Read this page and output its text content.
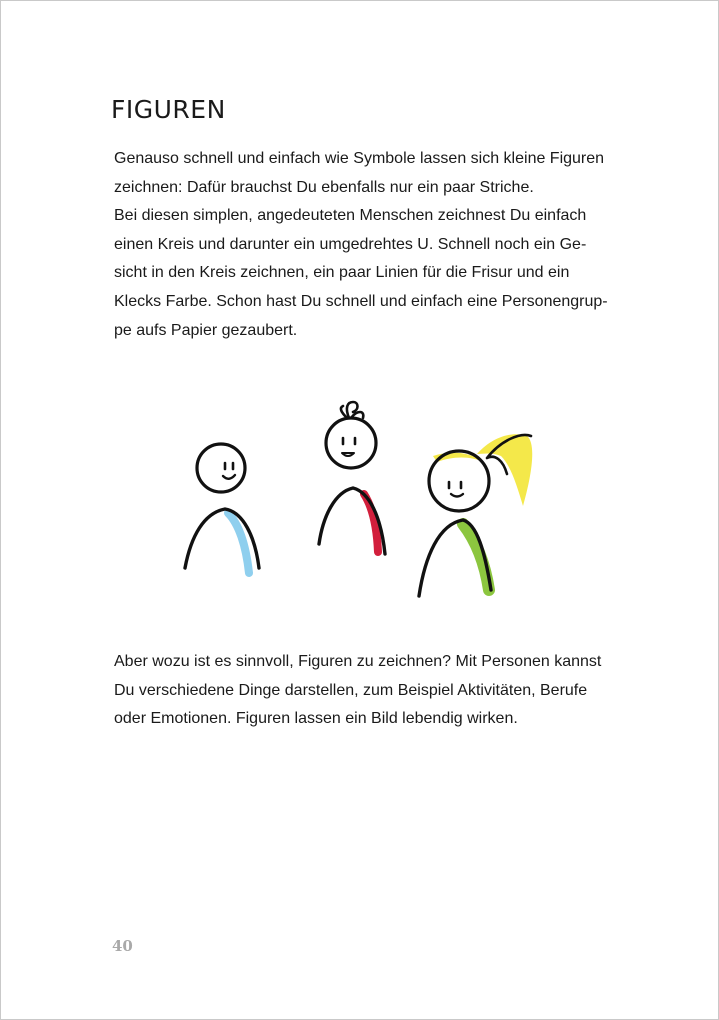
FIGUREN

Genauso schnell und einfach wie Symbole lassen sich kleine Figuren
zeichnen: Dafür brauchst Du ebenfalls nur ein paar Striche.
Bei diesen simplen, angedeuteten Menschen zeichnest Du einfach
einen Kreis und darunter ein umgedrehtes U. Schnell noch ein Ge-
sicht in den Kreis zeichnen, ein paar Linien für die Frisur und ein
Klecks Farbe. Schon hast Du schnell und einfach eine Personengrup-
pe aufs Papier gezaubert.

Aber wozu ist es sinnvoll, Figuren zu zeichnen? Mit Personen kannst
Du verschiedene Dinge darstellen, zum Beispiel Aktivitäten, Berufe
oder Emotionen. Figuren lassen ein Bild lebendig wirken.

40
